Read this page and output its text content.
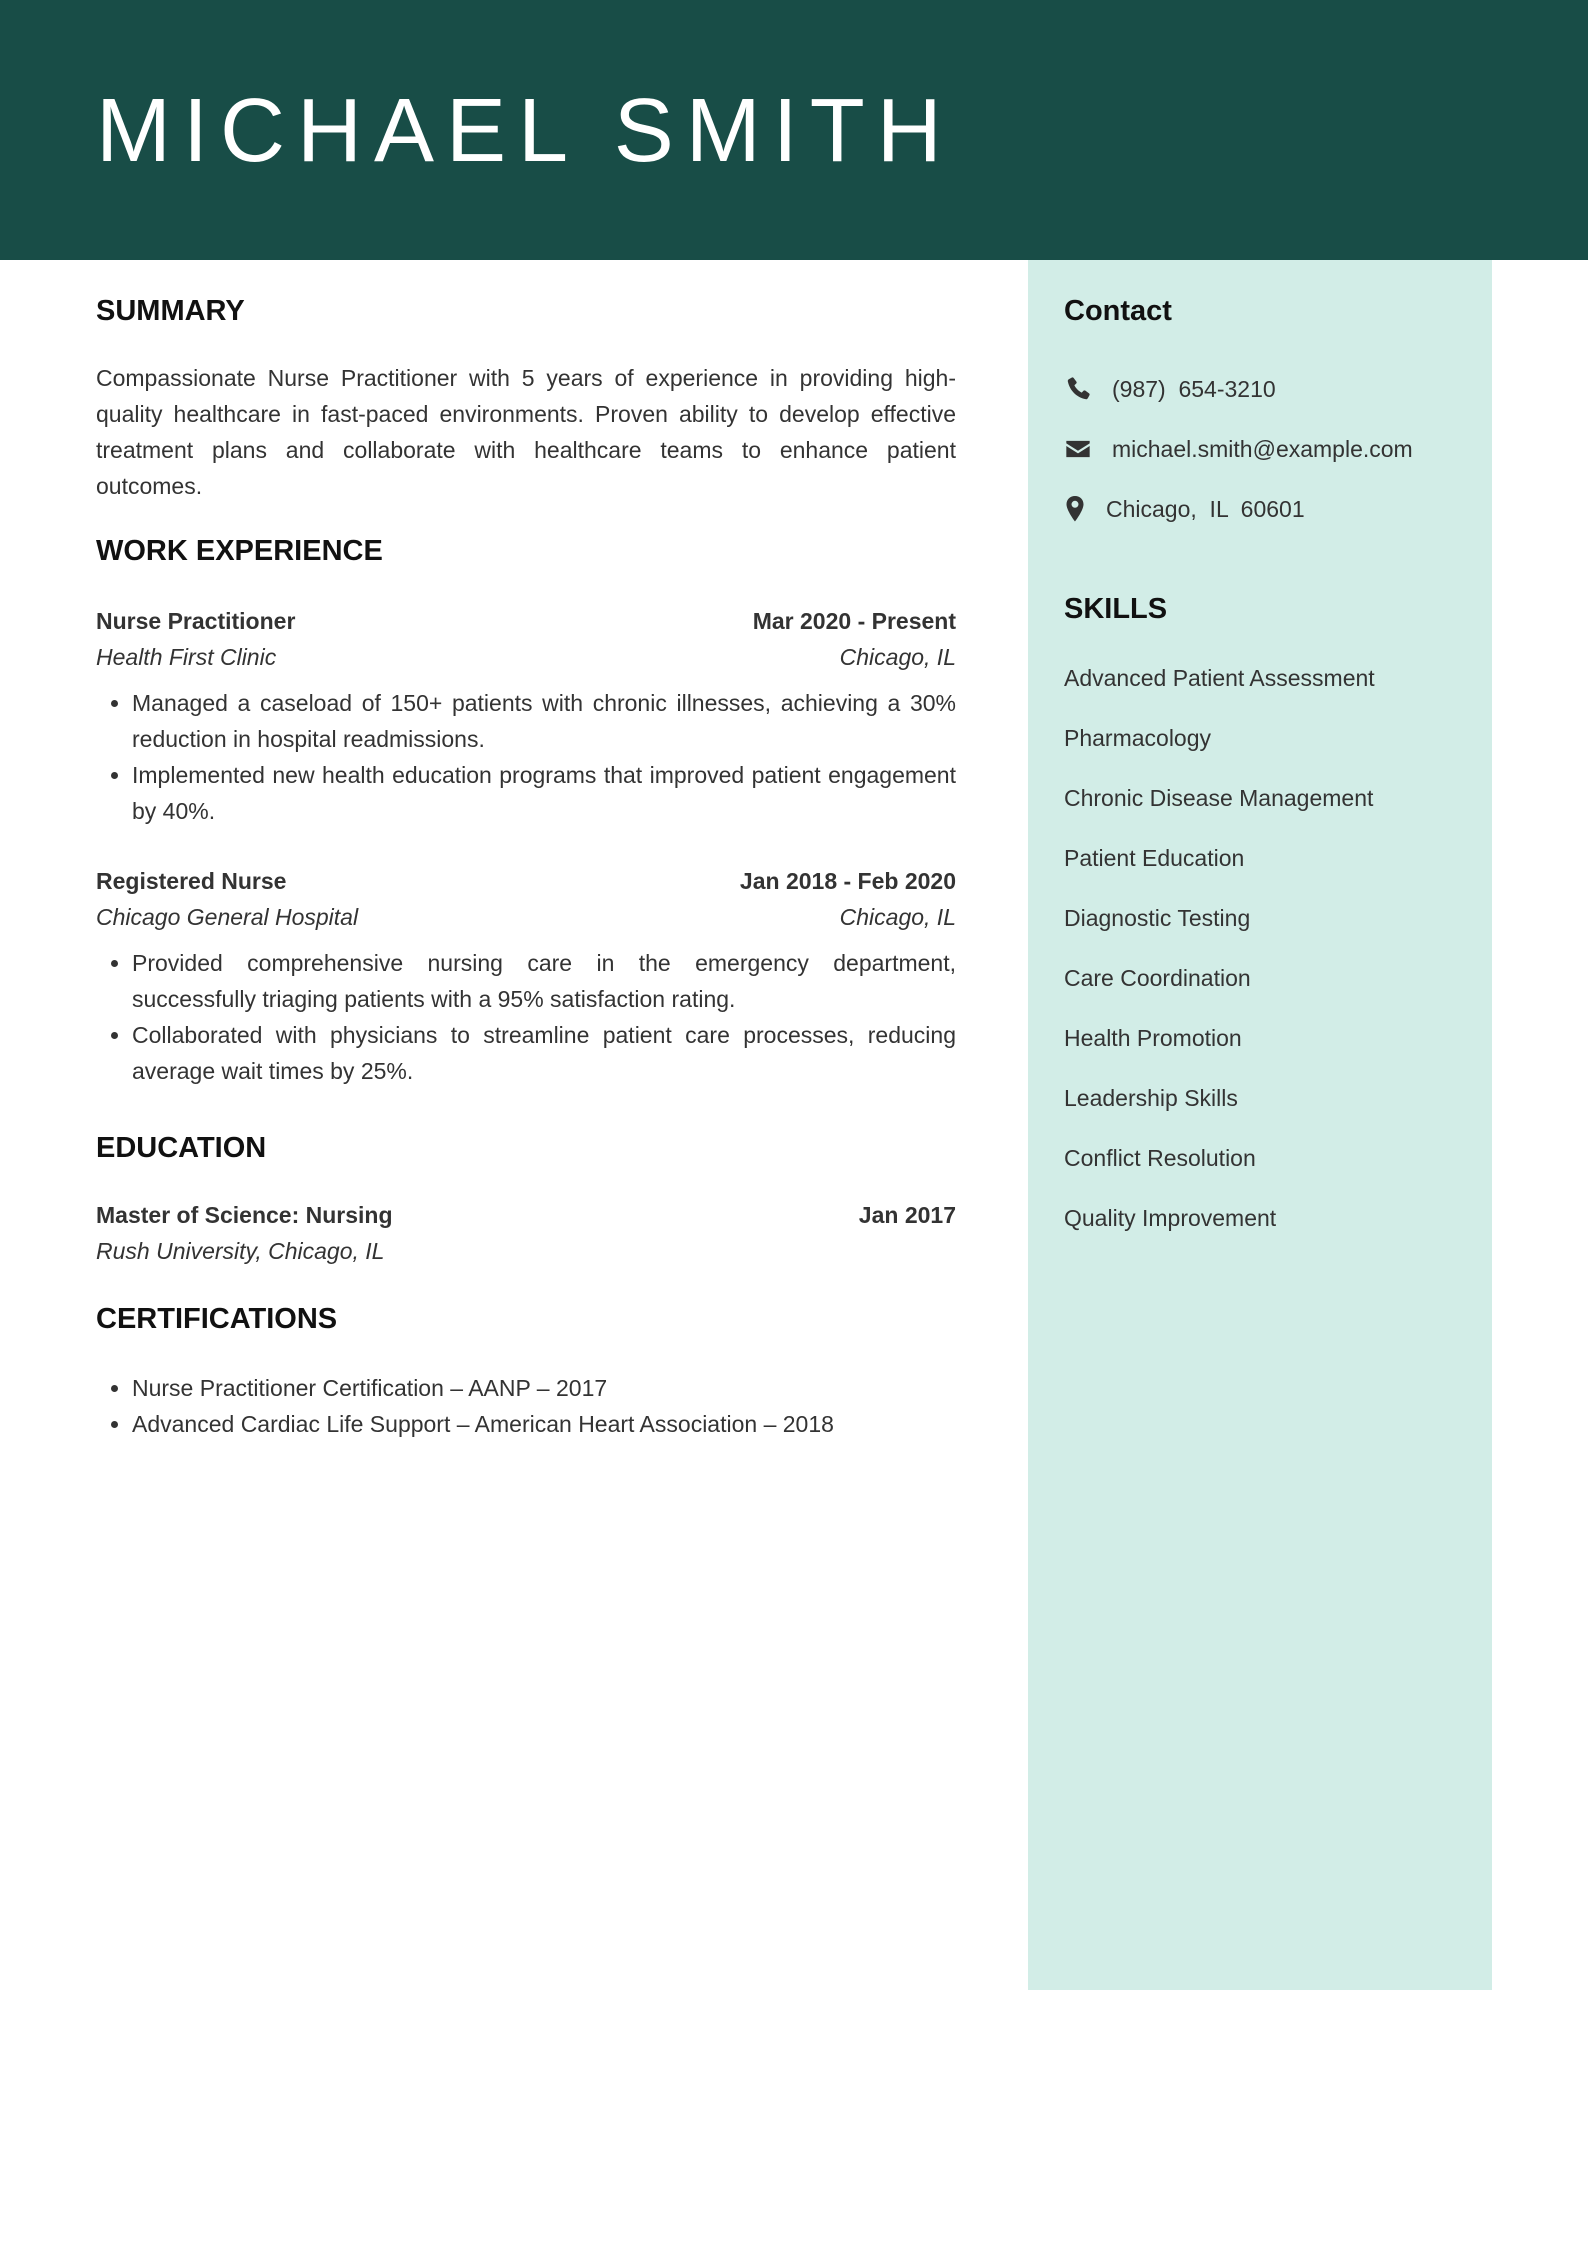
MICHAEL SMITH
Contact
(987)  654-3210
michael.smith@example.com
Chicago,  IL  60601
SKILLS
Advanced Patient Assessment
Pharmacology
Chronic Disease Management
Patient Education
Diagnostic Testing
Care Coordination
Health Promotion
Leadership Skills
Conflict Resolution
Quality Improvement
SUMMARY

Compassionate Nurse Practitioner with 5 years of experience in providing high-quality healthcare in fast-paced environments. Proven ability to develop effective treatment plans and collaborate with healthcare teams to enhance patient outcomes.

WORK EXPERIENCE
Nurse Practitioner	Mar 2020 - Present
Health First Clinic	Chicago, IL
• Managed a caseload of 150+ patients with chronic illnesses, achieving a 30% reduction in hospital readmissions.
• Implemented new health education programs that improved patient engagement by 40%.
Registered Nurse	Jan 2018 - Feb 2020
Chicago General Hospital	Chicago, IL
• Provided comprehensive nursing care in the emergency department, successfully triaging patients with a 95% satisfaction rating.
• Collaborated with physicians to streamline patient care processes, reducing average wait times by 25%.
EDUCATION
Master of Science: Nursing	Jan 2017
Rush University, Chicago, IL
CERTIFICATIONS
• Nurse Practitioner Certification – AANP – 2017
• Advanced Cardiac Life Support – American Heart Association – 2018
